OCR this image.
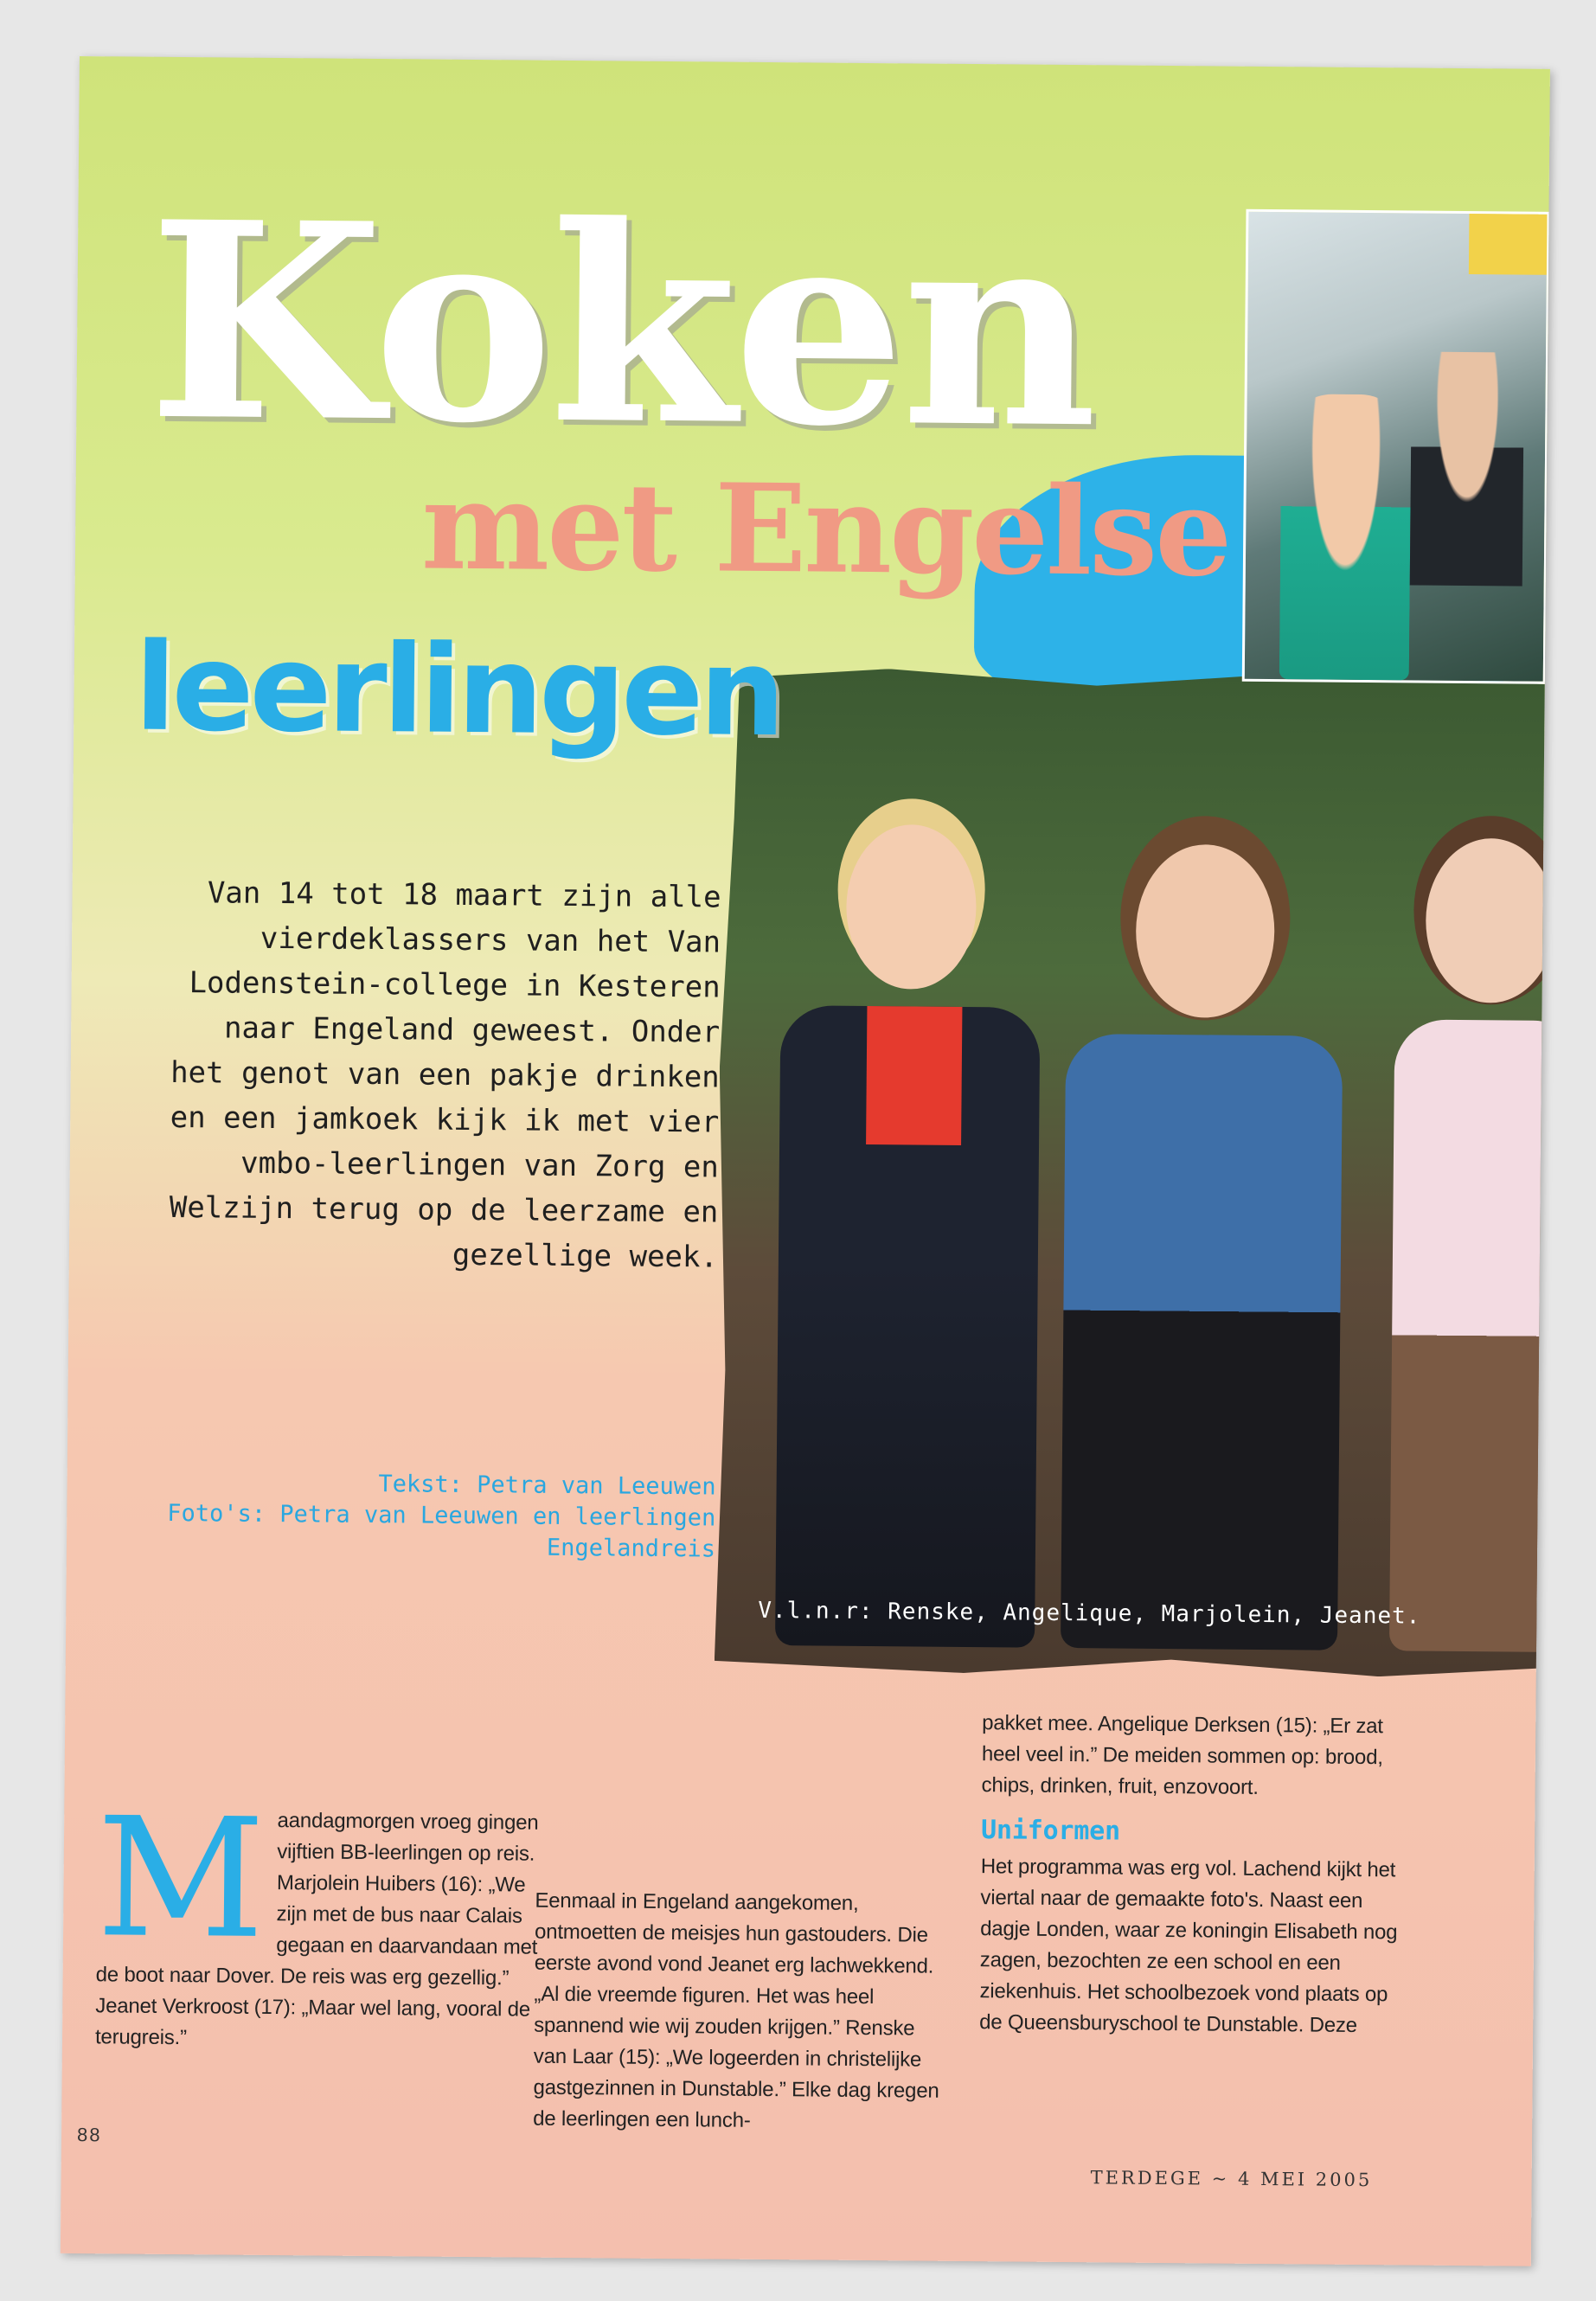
Koken
met Engelse
leerlingen

V.l.n.r: Renske, Angelique, Marjolein, Jeanet.

Van 14 tot 18 maart zijn alle vierdeklassers van het Van Lodenstein-college in Kesteren naar Engeland geweest. Onder het genot van een pakje drinken en een jamkoek kijk ik met vier vmbo-leerlingen van Zorg en Welzijn terug op de leerzame en gezellige week.

Tekst: Petra van Leeuwen
Foto's: Petra van Leeuwen en leerlingen Engelandreis

M aandagmorgen vroeg gingen vijftien BB-leerlingen op reis. Marjolein Huibers (16): „We zijn met de bus naar Calais gegaan en daarvandaan met de boot naar Dover. De reis was erg gezellig.” Jeanet Verkroost (17): „Maar wel lang, vooral de terugreis.”

Eenmaal in Engeland aangekomen, ontmoetten de meisjes hun gastouders. Die eerste avond vond Jeanet erg lachwekkend. „Al die vreemde figuren. Het was heel spannend wie wij zouden krijgen.” Renske van Laar (15): „We logeerden in christelijke gastgezinnen in Dunstable.” Elke dag kregen de leerlingen een lunch-

pakket mee. Angelique Derksen (15): „Er zat heel veel in.” De meiden sommen op: brood, chips, drinken, fruit, enzovoort.
Uniformen
Het programma was erg vol. Lachend kijkt het viertal naar de gemaakte foto's. Naast een dagje Londen, waar ze koningin Elisabeth nog zagen, bezochten ze een school en een ziekenhuis. Het schoolbezoek vond plaats op de Queensburyschool te Dunstable. Deze

88

TERDEGE ~ 4 MEI 2005
